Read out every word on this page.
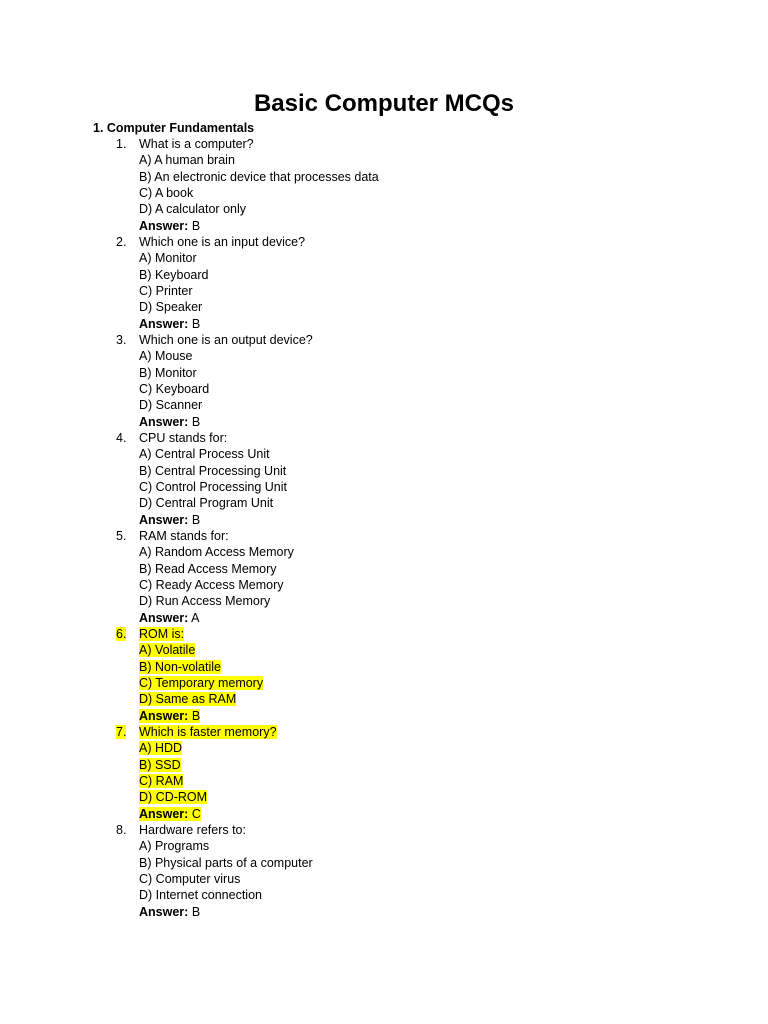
Basic Computer MCQs
1. Computer Fundamentals
1. What is a computer?
A) A human brain
B) An electronic device that processes data
C) A book
D) A calculator only
Answer: B
2. Which one is an input device?
A) Monitor
B) Keyboard
C) Printer
D) Speaker
Answer: B
3. Which one is an output device?
A) Mouse
B) Monitor
C) Keyboard
D) Scanner
Answer: B
4. CPU stands for:
A) Central Process Unit
B) Central Processing Unit
C) Control Processing Unit
D) Central Program Unit
Answer: B
5. RAM stands for:
A) Random Access Memory
B) Read Access Memory
C) Ready Access Memory
D) Run Access Memory
Answer: A
6. ROM is:
A) Volatile
B) Non-volatile
C) Temporary memory
D) Same as RAM
Answer: B
7. Which is faster memory?
A) HDD
B) SSD
C) RAM
D) CD-ROM
Answer: C
8. Hardware refers to:
A) Programs
B) Physical parts of a computer
C) Computer virus
D) Internet connection
Answer: B
